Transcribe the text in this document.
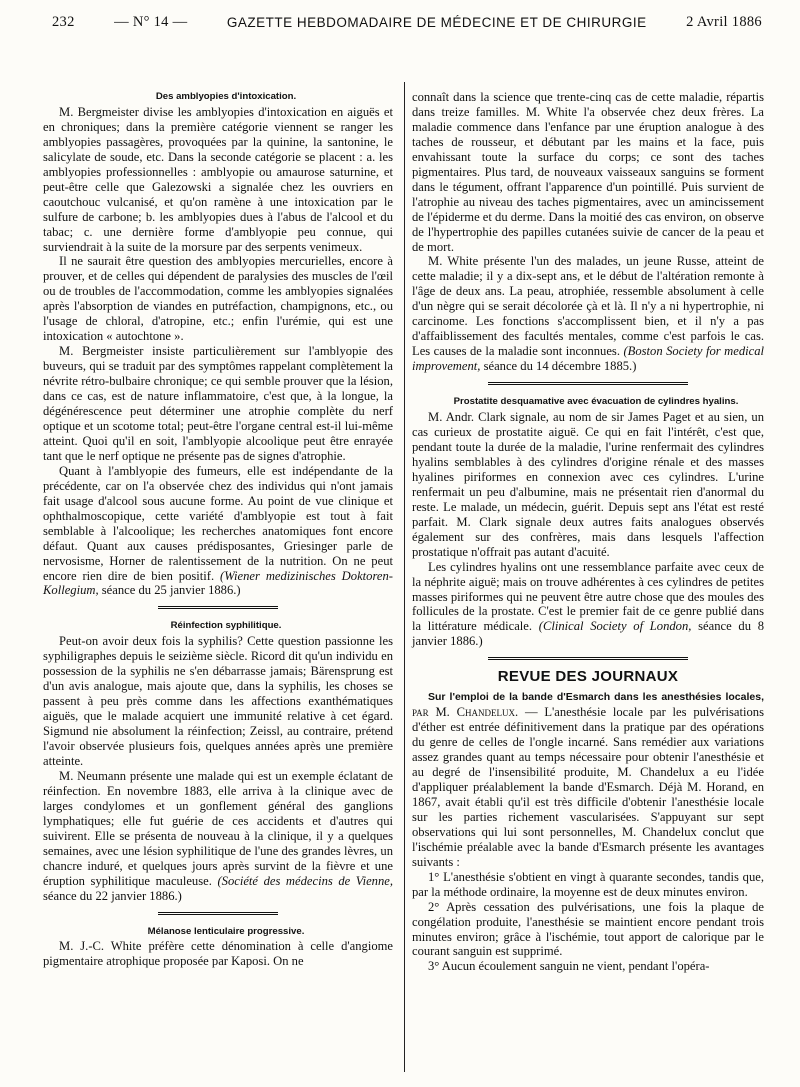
232	— N° 14 —	GAZETTE HEBDOMADAIRE DE MÉDECINE ET DE CHIRURGIE	2 Avril 1886

Des amblyopies d'intoxication.

M. Bergmeister divise les amblyopies d'intoxication en aiguës et en chroniques; dans la première catégorie viennent se ranger les amblyopies passagères, provoquées par la quinine, la santonine, le salicylate de soude, etc. Dans la seconde catégorie se placent : a. les amblyopies professionnelles : amblyopie ou amaurose saturnine, et peut-être celle que Galezowski a signalée chez les ouvriers en caoutchouc vulcanisé, et qu'on ramène à une intoxication par le sulfure de carbone; b. les amblyopies dues à l'abus de l'alcool et du tabac; c. une dernière forme d'amblyopie peu connue, qui surviendrait à la suite de la morsure par des serpents venimeux.

Il ne saurait être question des amblyopies mercurielles, encore à prouver, et de celles qui dépendent de paralysies des muscles de l'œil ou de troubles de l'accommodation, comme les amblyopies signalées après l'absorption de viandes en putréfaction, champignons, etc., ou l'usage de chloral, d'atropine, etc.; enfin l'urémie, qui est une intoxication « autochtone ».

M. Bergmeister insiste particulièrement sur l'amblyopie des buveurs, qui se traduit par des symptômes rappelant complètement la névrite rétro-bulbaire chronique; ce qui semble prouver que la lésion, dans ce cas, est de nature inflammatoire, c'est que, à la longue, la dégénérescence peut déterminer une atrophie complète du nerf optique et un scotome total; peut-être l'organe central est-il lui-même atteint. Quoi qu'il en soit, l'amblyopie alcoolique peut être enrayée tant que le nerf optique ne présente pas de signes d'atrophie.

Quant à l'amblyopie des fumeurs, elle est indépendante de la précédente, car on l'a observée chez des individus qui n'ont jamais fait usage d'alcool sous aucune forme. Au point de vue clinique et ophthalmoscopique, cette variété d'amblyopie est tout à fait semblable à l'alcoolique; les recherches anatomiques font encore défaut. Quant aux causes prédisposantes, Griesinger parle de nervosisme, Horner de ralentissement de la nutrition. On ne peut encore rien dire de bien positif. (Wiener medizinisches Doktoren-Kollegium, séance du 25 janvier 1886.)

Réinfection syphilitique.

Peut-on avoir deux fois la syphilis? Cette question passionne les syphiligraphes depuis le seizième siècle. Ricord dit qu'un individu en possession de la syphilis ne s'en débarrasse jamais; Bärensprung est d'un avis analogue, mais ajoute que, dans la syphilis, les choses se passent à peu près comme dans les affections exanthématiques aiguës, que le malade acquiert une immunité relative à cet égard. Sigmund nie absolument la réinfection; Zeissl, au contraire, prétend l'avoir observée plusieurs fois, quelques années après une première atteinte.

M. Neumann présente une malade qui est un exemple éclatant de réinfection. En novembre 1883, elle arriva à la clinique avec de larges condylomes et un gonflement général des ganglions lymphatiques; elle fut guérie de ces accidents et d'autres qui suivirent. Elle se présenta de nouveau à la clinique, il y a quelques semaines, avec une lésion syphilitique de l'une des grandes lèvres, un chancre induré, et quelques jours après survint de la fièvre et une éruption syphilitique maculeuse. (Société des médecins de Vienne, séance du 22 janvier 1886.)

Mélanose lenticulaire progressive.

M. J.-C. White préfère cette dénomination à celle d'angiome pigmentaire atrophique proposée par Kaposi. On ne

connaît dans la science que trente-cinq cas de cette maladie, répartis dans treize familles. M. White l'a observée chez deux frères. La maladie commence dans l'enfance par une éruption analogue à des taches de rousseur, et débutant par les mains et la face, puis envahissant toute la surface du corps; ce sont des taches pigmentaires. Plus tard, de nouveaux vaisseaux sanguins se forment dans le tégument, offrant l'apparence d'un pointillé. Puis survient de l'atrophie au niveau des taches pigmentaires, avec un amincissement de l'épiderme et du derme. Dans la moitié des cas environ, on observe de l'hypertrophie des papilles cutanées suivie de cancer de la peau et de mort.

M. White présente l'un des malades, un jeune Russe, atteint de cette maladie; il y a dix-sept ans, et le début de l'altération remonte à l'âge de deux ans. La peau, atrophiée, ressemble absolument à celle d'un nègre qui se serait décolorée çà et là. Il n'y a ni hypertrophie, ni carcinome. Les fonctions s'accomplissent bien, et il n'y a pas d'affaiblissement des facultés mentales, comme c'est parfois le cas. Les causes de la maladie sont inconnues. (Boston Society for medical improvement, séance du 14 décembre 1885.)

Prostatite desquamative avec évacuation de cylindres hyalins.

M. Andr. Clark signale, au nom de sir James Paget et au sien, un cas curieux de prostatite aiguë. Ce qui en fait l'intérêt, c'est que, pendant toute la durée de la maladie, l'urine renfermait des cylindres hyalins semblables à des cylindres d'origine rénale et des masses hyalines piriformes en connexion avec ces cylindres. L'urine renfermait un peu d'albumine, mais ne présentait rien d'anormal du reste. Le malade, un médecin, guérit. Depuis sept ans l'état est resté parfait. M. Clark signale deux autres faits analogues observés également sur des confrères, mais dans lesquels l'affection prostatique n'offrait pas autant d'acuité.

Les cylindres hyalins ont une ressemblance parfaite avec ceux de la néphrite aiguë; mais on trouve adhérentes à ces cylindres de petites masses piriformes qui ne peuvent être autre chose que des moules des follicules de la prostate. C'est le premier fait de ce genre publié dans la littérature médicale. (Clinical Society of London, séance du 8 janvier 1886.)

REVUE DES JOURNAUX

Sur l'emploi de la bande d'Esmarch dans les anesthésies locales, par M. Chandelux. — L'anesthésie locale par les pulvérisations d'éther est entrée définitivement dans la pratique par des opérations du genre de celles de l'ongle incarné. Sans remédier aux variations assez grandes quant au temps nécessaire pour obtenir l'anesthésie et au degré de l'insensibilité produite, M. Chandelux a eu l'idée d'appliquer préalablement la bande d'Esmarch. Déjà M. Horand, en 1867, avait établi qu'il est très difficile d'obtenir l'anesthésie locale sur les parties richement vascularisées. S'appuyant sur sept observations qui lui sont personnelles, M. Chandelux conclut que l'ischémie préalable avec la bande d'Esmarch présente les avantages suivants :

1° L'anesthésie s'obtient en vingt à quarante secondes, tandis que, par la méthode ordinaire, la moyenne est de deux minutes environ.

2° Après cessation des pulvérisations, une fois la plaque de congélation produite, l'anesthésie se maintient encore pendant trois minutes environ; grâce à l'ischémie, tout apport de calorique par le courant sanguin est supprimé.

3° Aucun écoulement sanguin ne vient, pendant l'opéra-
